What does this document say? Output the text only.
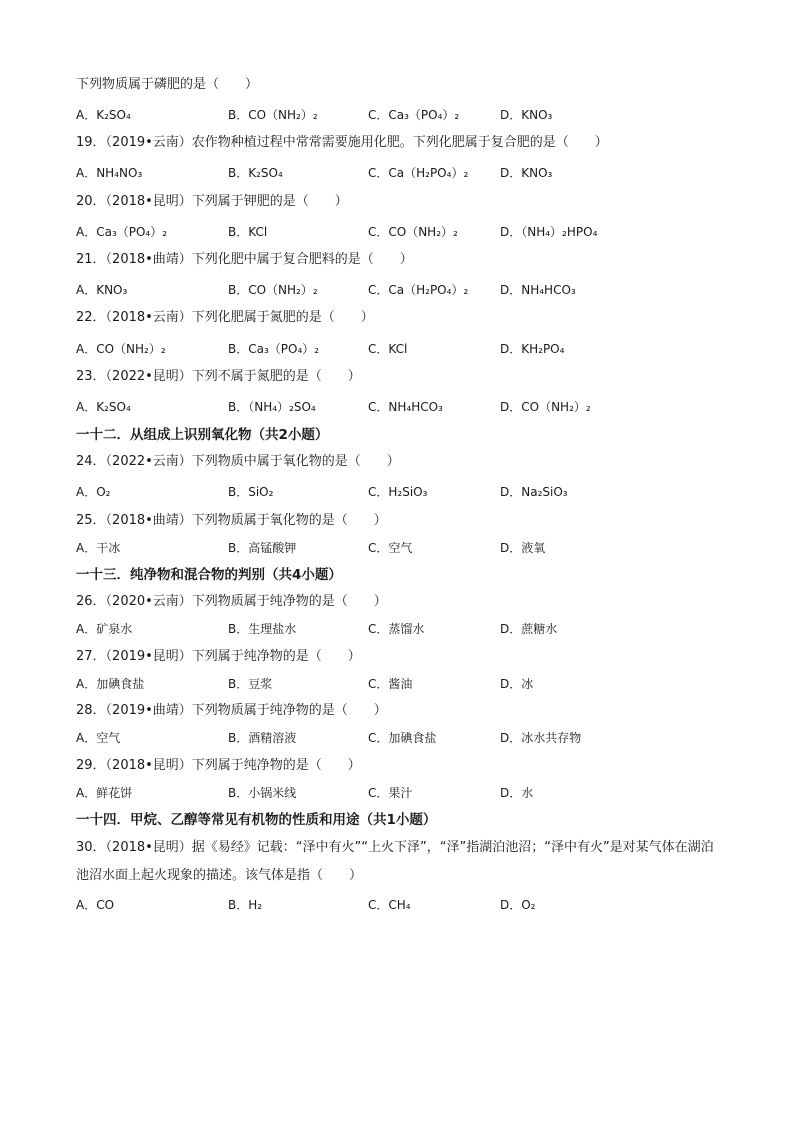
下列物质属于磷肥的是（　　）
A．K₂SO₄	B．CO（NH₂）₂	C．Ca₃（PO₄）₂	D．KNO₃
19．（2019•云南）农作物种植过程中常常需要施用化肥。下列化肥属于复合肥的是（　　）
A．NH₄NO₃	B．K₂SO₄	C．Ca（H₂PO₄）₂	D．KNO₃
20．（2018•昆明）下列属于钾肥的是（　　）
A．Ca₃（PO₄）₂	B．KCl	C．CO（NH₂）₂	D．（NH₄）₂HPO₄
21．（2018•曲靖）下列化肥中属于复合肥料的是（　　）
A．KNO₃	B．CO（NH₂）₂	C．Ca（H₂PO₄）₂	D．NH₄HCO₃
22．（2018•云南）下列化肥属于氮肥的是（　　）
A．CO（NH₂）₂	B．Ca₃（PO₄）₂	C．KCl	D．KH₂PO₄
23．（2022•昆明）下列不属于氮肥的是（　　）
A．K₂SO₄	B．（NH₄）₂SO₄	C．NH₄HCO₃	D．CO（NH₂）₂
一十二．从组成上识别氧化物（共2小题）
24．（2022•云南）下列物质中属于氧化物的是（　　）
A．O₂	B．SiO₂	C．H₂SiO₃	D．Na₂SiO₃
25．（2018•曲靖）下列物质属于氧化物的是（　　）
A．干冰	B．高锰酸钾	C．空气	D．液氧
一十三．纯净物和混合物的判别（共4小题）
26．（2020•云南）下列物质属于纯净物的是（　　）
A．矿泉水	B．生理盐水	C．蒸馏水	D．蔗糖水
27．（2019•昆明）下列属于纯净物的是（　　）
A．加碘食盐	B．豆浆	C．酱油	D．冰
28．（2019•曲靖）下列物质属于纯净物的是（　　）
A．空气	B．酒精溶液	C．加碘食盐	D．冰水共存物
29．（2018•昆明）下列属于纯净物的是（　　）
A．鲜花饼	B．小锅米线	C．果汁	D．水
一十四．甲烷、乙醇等常见有机物的性质和用途（共1小题）
30．（2018•昆明）据《易经》记载：“泽中有火”“上火下泽”，“泽”指湖泊池沼；“泽中有火”是对某气体在湖泊池沼水面上起火现象的描述。该气体是指（　　）
A．CO	B．H₂	C．CH₄	D．O₂
